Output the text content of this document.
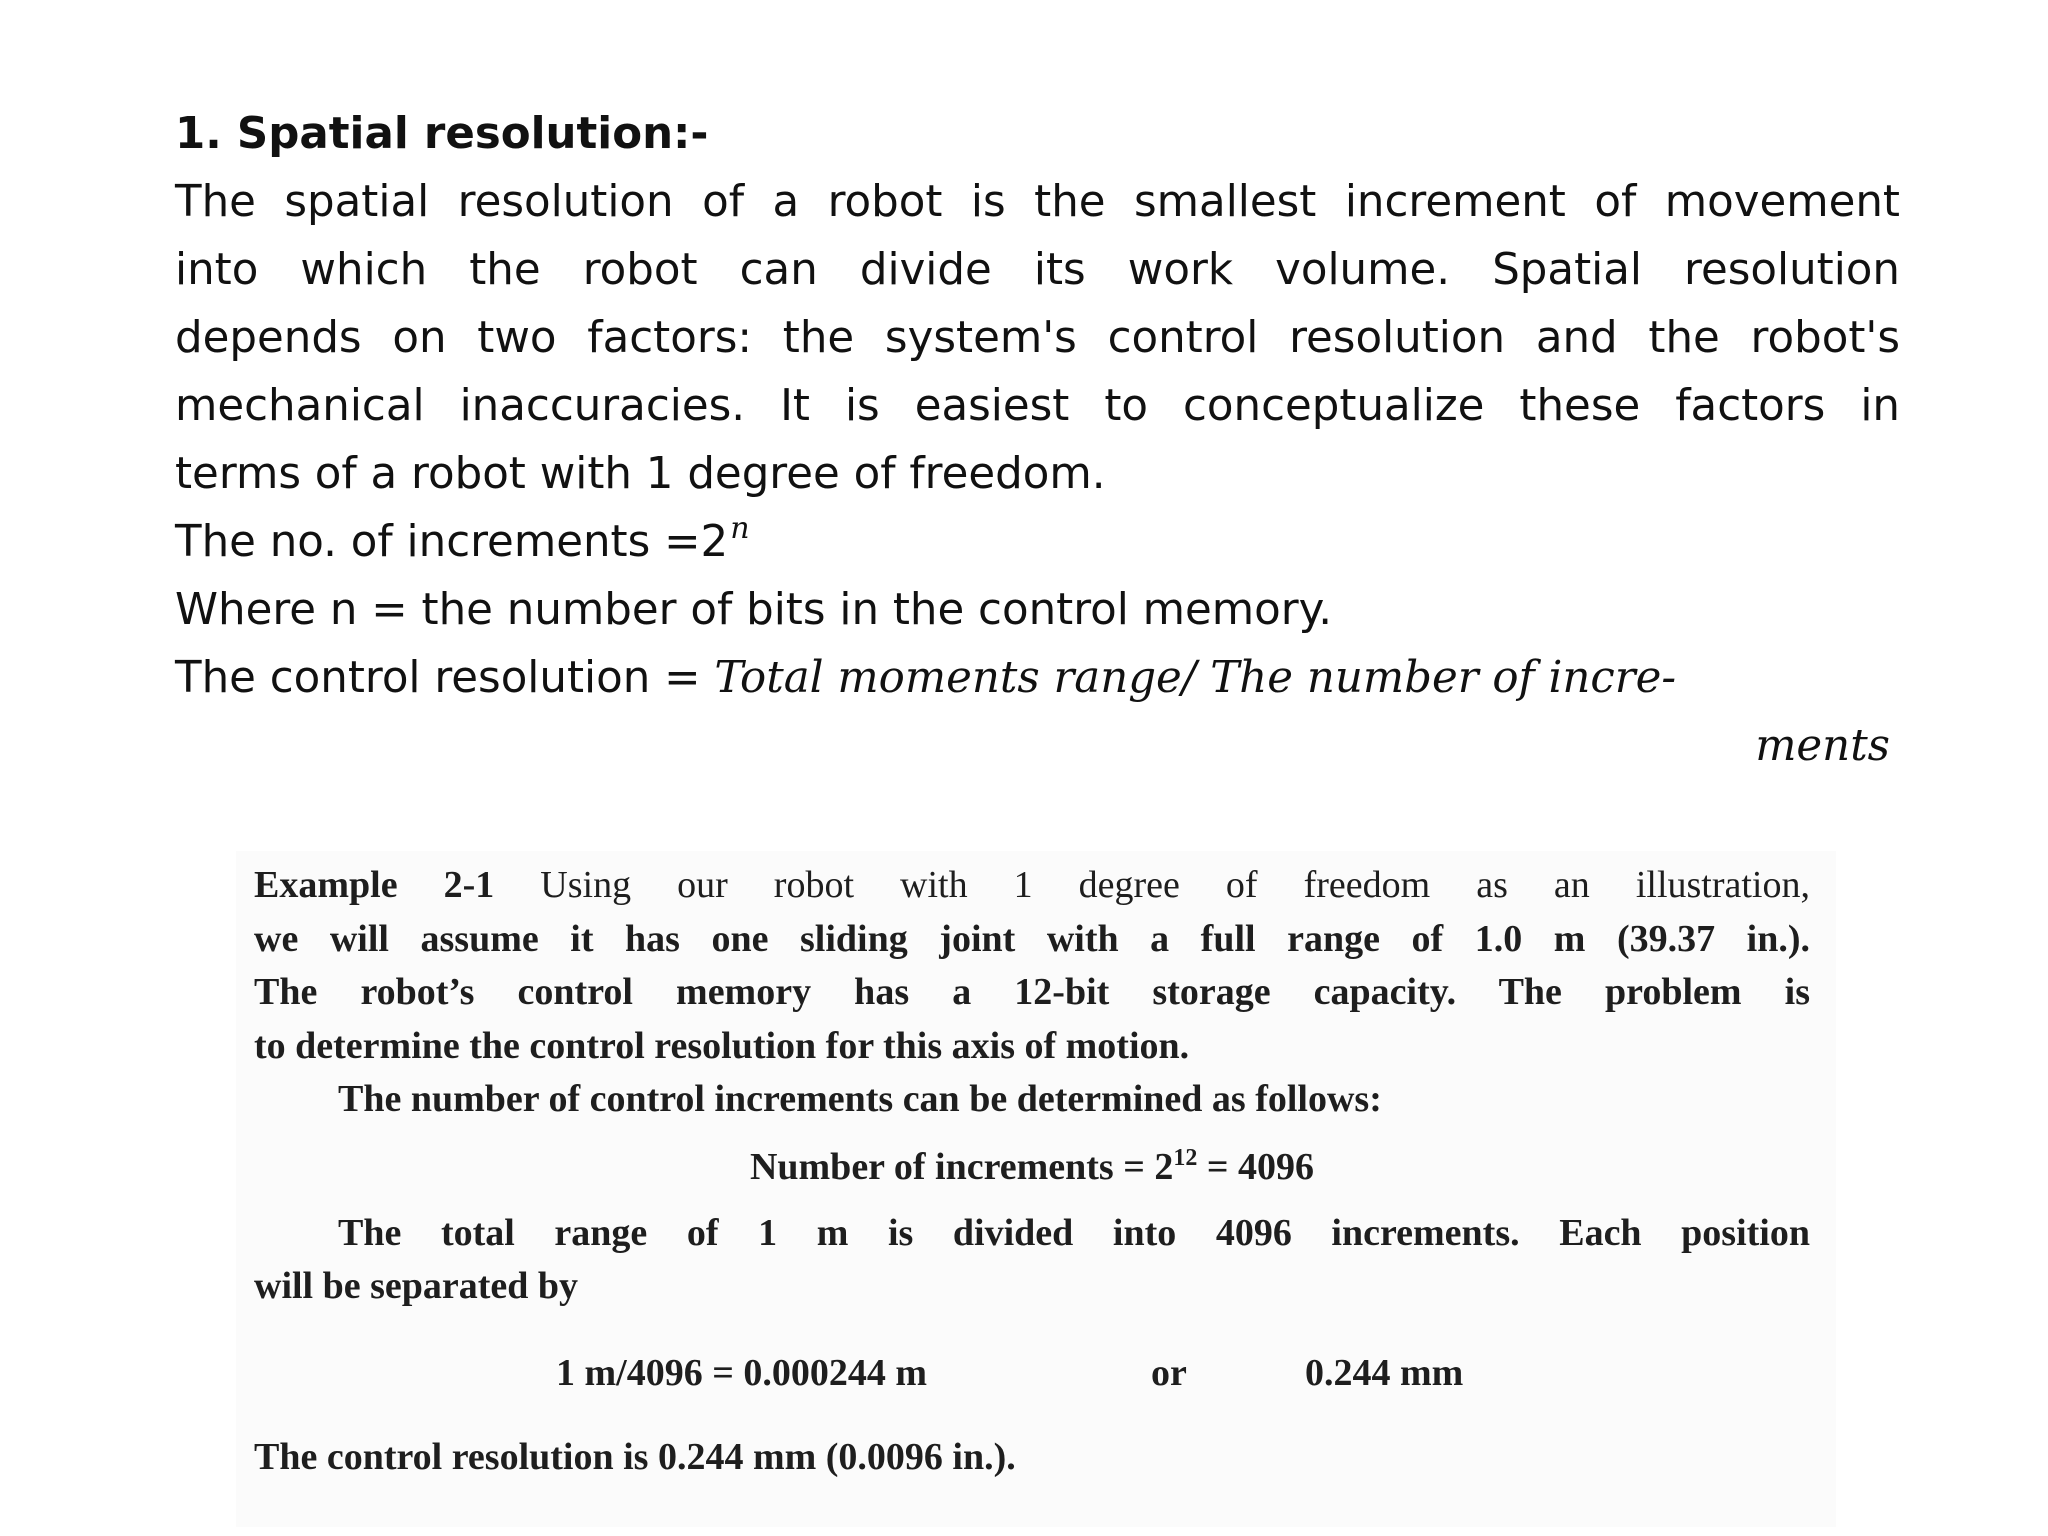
1. Spatial resolution:-
The spatial resolution of a robot is the smallest increment of movement
into which the robot can divide its work volume. Spatial resolution
depends on two factors: the system's control resolution and the robot's
mechanical inaccuracies. It is easiest to conceptualize these factors in
terms of a robot with 1 degree of freedom.
The no. of increments $=2^n$
Where n = the number of bits in the control memory.
The control resolution = Total moments range/ The number of incre-
ments
Example 2-1 Using our robot with 1 degree of freedom as an illustration,
we will assume it has one sliding joint with a full range of 1.0 m (39.37 in.).
The robot’s control memory has a 12-bit storage capacity. The problem is
to determine the control resolution for this axis of motion.
The number of control increments can be determined as follows:
Number of increments = $2^{12} = 4096$
The total range of 1 m is divided into 4096 increments. Each position
will be separated by
1 m/4096 = 0.000244 m	or	0.244 mm
The control resolution is 0.244 mm (0.0096 in.).
